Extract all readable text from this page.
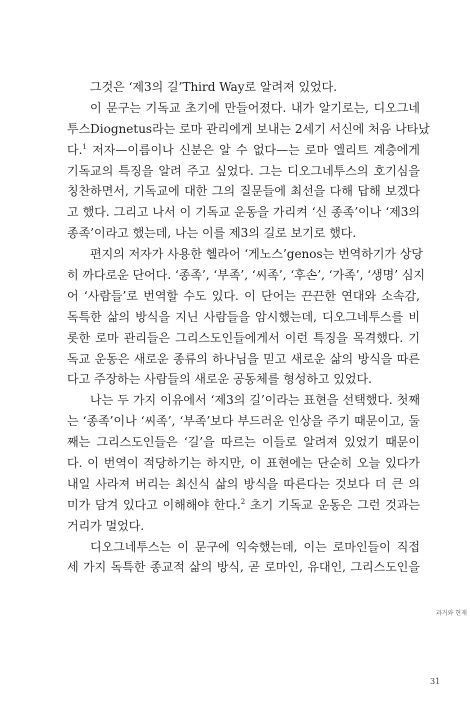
그것은 ‘제3의 길’Third Way로 알려져 있었다.
이 문구는 기독교 초기에 만들어졌다. 내가 알기로는, 디오그네
투스Diognetus라는 로마 관리에게 보내는 2세기 서신에 처음 나타났
다.$^1$ 저자—이름이나 신분은 알 수 없다—는 로마 엘리트 계층에게
기독교의 특징을 알려 주고 싶었다. 그는 디오그네투스의 호기심을
칭찬하면서, 기독교에 대한 그의 질문들에 최선을 다해 답해 보겠다
고 했다. 그리고 나서 이 기독교 운동을 가리켜 ‘신 종족’이나 ‘제3의
종족’이라고 했는데, 나는 이를 제3의 길로 보기로 했다.
편지의 저자가 사용한 헬라어 ‘게노스’genos는 번역하기가 상당
히 까다로운 단어다. ‘종족’, ‘부족’, ‘씨족’, ‘후손’, ‘가족’, ‘생명’ 심지
어 ‘사람들’로 번역할 수도 있다. 이 단어는 끈끈한 연대와 소속감,
독특한 삶의 방식을 지닌 사람들을 암시했는데, 디오그네투스를 비
롯한 로마 관리들은 그리스도인들에게서 이런 특징을 목격했다. 기
독교 운동은 새로운 종류의 하나님을 믿고 새로운 삶의 방식을 따른
다고 주장하는 사람들의 새로운 공동체를 형성하고 있었다.
나는 두 가지 이유에서 ‘제3의 길’이라는 표현을 선택했다. 첫째
는 ‘종족’이나 ‘씨족’, ‘부족’보다 부드러운 인상을 주기 때문이고, 둘
째는 그리스도인들은 ‘길’을 따르는 이들로 알려져 있었기 때문이
다. 이 번역이 적당하기는 하지만, 이 표현에는 단순히 오늘 있다가
내일 사라져 버리는 최신식 삶의 방식을 따른다는 것보다 더 큰 의
미가 담겨 있다고 이해해야 한다.$^2$ 초기 기독교 운동은 그런 것과는
거리가 멀었다.
디오그네투스는 이 문구에 익숙했는데, 이는 로마인들이 직접
세 가지 독특한 종교적 삶의 방식, 곧 로마인, 유대인, 그리스도인을
과거와 현재
31
